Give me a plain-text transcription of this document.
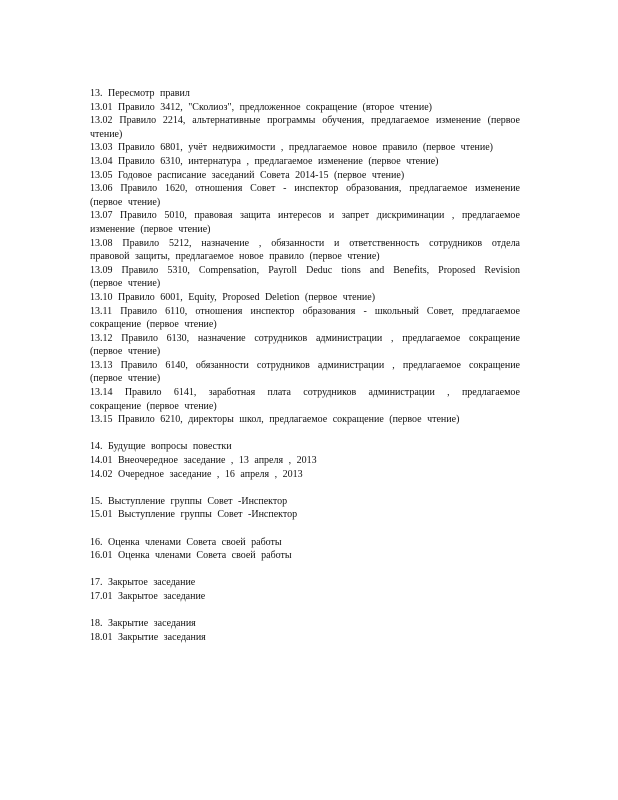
13. Пересмотр правил
13.01 Правило 3412, "Сколиоз", предложенное сокращение (второе чтение)
13.02 Правило 2214, альтернативные программы обучения, предлагаемое изменение (первое чтение)
13.03 Правило 6801, учёт недвижимости , предлагаемое новое правило (первое чтение)
13.04 Правило 6310, интернатура , предлагаемое изменение (первое чтение)
13.05 Годовое расписание заседаний Совета 2014-15 (первое чтение)
13.06 Правило 1620, отношения Совет - инспектор образования, предлагаемое изменение (первое чтение)
13.07 Правило 5010, правовая защита интересов и запрет дискриминации , предлагаемое изменение (первое чтение)
13.08 Правило 5212, назначение , обязанности и ответственность сотрудников отдела правовой защиты, предлагаемое новое правило (первое чтение)
13.09 Правило 5310, Compensation, Payroll Deduc tions and Benefits, Proposed Revision (первое чтение)
13.10 Правило 6001, Equity, Proposed Deletion (первое чтение)
13.11 Правило 6110, отношения инспектор образования - школьный Совет, предлагаемое сокращение (первое чтение)
13.12 Правило 6130, назначение сотрудников администрации , предлагаемое сокращение (первое чтение)
13.13 Правило 6140, обязанности сотрудников администрации , предлагаемое сокращение (первое чтение)
13.14 Правило 6141, заработная плата сотрудников администрации , предлагаемое сокращение (первое чтение)
13.15 Правило 6210, директоры школ, предлагаемое сокращение (первое чтение)
14. Будущие вопросы повестки
14.01 Внеочередное заседание , 13 апреля , 2013
14.02 Очередное заседание , 16 апреля , 2013
15. Выступление группы Совет -Инспектор
15.01 Выступление группы Совет -Инспектор
16. Оценка членами Совета своей работы
16.01 Оценка членами Совета своей работы
17. Закрытое заседание
17.01 Закрытое заседание
18. Закрытие заседания
18.01 Закрытие заседания
